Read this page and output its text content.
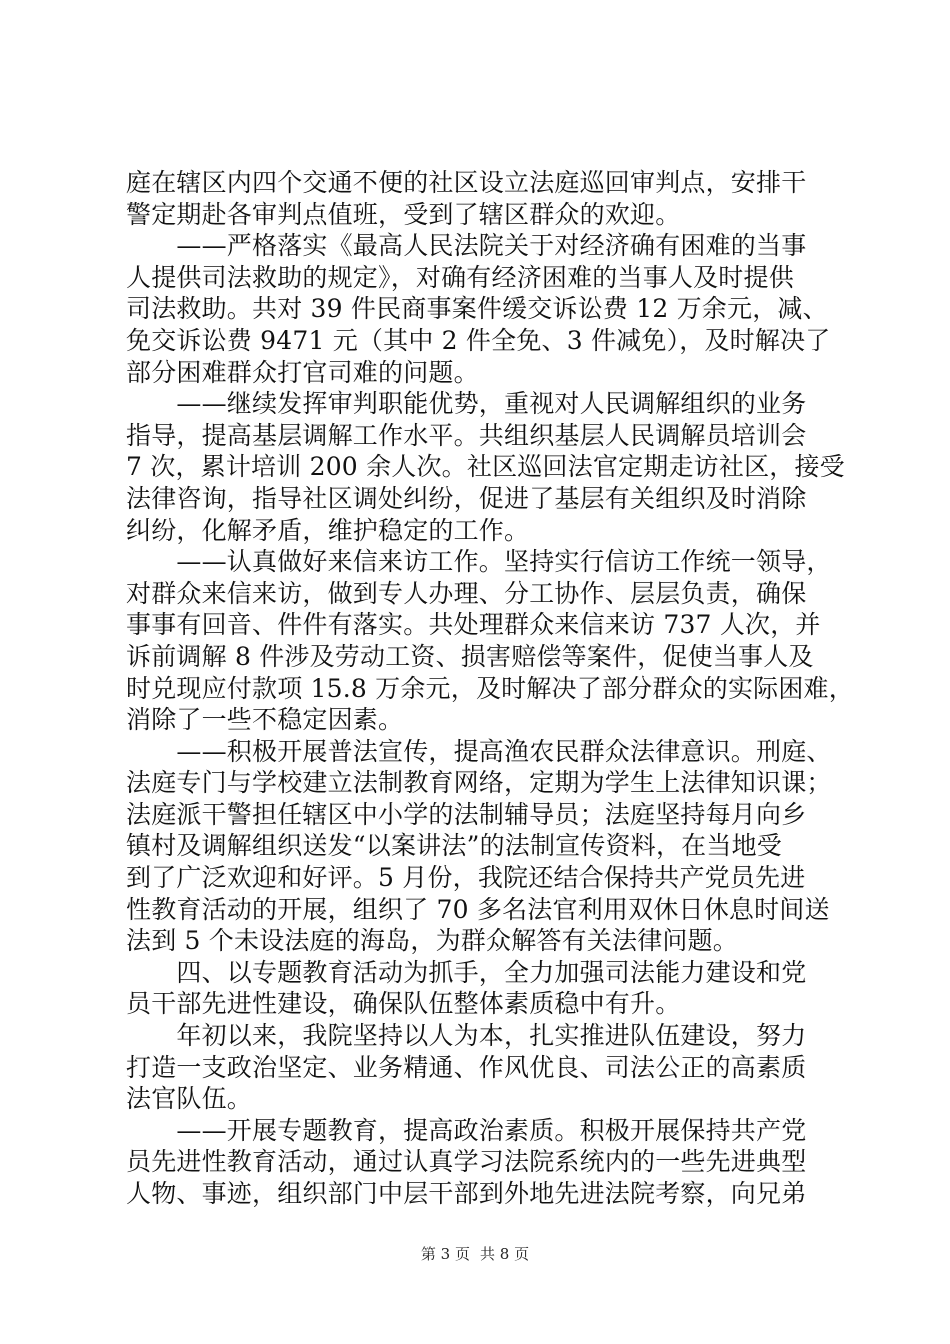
庭在辖区内四个交通不便的社区设立法庭巡回审判点，安排干
警定期赴各审判点值班，受到了辖区群众的欢迎。
　　——严格落实《最高人民法院关于对经济确有困难的当事
人提供司法救助的规定》，对确有经济困难的当事人及时提供
司法救助。共对 39 件民商事案件缓交诉讼费 12 万余元，减、
免交诉讼费 9471 元（其中 2 件全免、3 件减免），及时解决了
部分困难群众打官司难的问题。
　　——继续发挥审判职能优势，重视对人民调解组织的业务
指导，提高基层调解工作水平。共组织基层人民调解员培训会
7 次，累计培训 200 余人次。社区巡回法官定期走访社区，接受
法律咨询，指导社区调处纠纷，促进了基层有关组织及时消除
纠纷，化解矛盾，维护稳定的工作。
　　——认真做好来信来访工作。坚持实行信访工作统一领导，
对群众来信来访，做到专人办理、分工协作、层层负责，确保
事事有回音、件件有落实。共处理群众来信来访 737 人次，并
诉前调解 8 件涉及劳动工资、损害赔偿等案件，促使当事人及
时兑现应付款项 15.8 万余元，及时解决了部分群众的实际困难，
消除了一些不稳定因素。
　　——积极开展普法宣传，提高渔农民群众法律意识。刑庭、
法庭专门与学校建立法制教育网络，定期为学生上法律知识课；
法庭派干警担任辖区中小学的法制辅导员；法庭坚持每月向乡
镇村及调解组织送发“以案讲法”的法制宣传资料，在当地受
到了广泛欢迎和好评。5 月份，我院还结合保持共产党员先进
性教育活动的开展，组织了 70 多名法官利用双休日休息时间送
法到 5 个未设法庭的海岛，为群众解答有关法律问题。
　　四、以专题教育活动为抓手，全力加强司法能力建设和党
员干部先进性建设，确保队伍整体素质稳中有升。
　　年初以来，我院坚持以人为本，扎实推进队伍建设，努力
打造一支政治坚定、业务精通、作风优良、司法公正的高素质
法官队伍。
　　——开展专题教育，提高政治素质。积极开展保持共产党
员先进性教育活动，通过认真学习法院系统内的一些先进典型
人物、事迹，组织部门中层干部到外地先进法院考察，向兄弟
第 3 页 共 8 页
